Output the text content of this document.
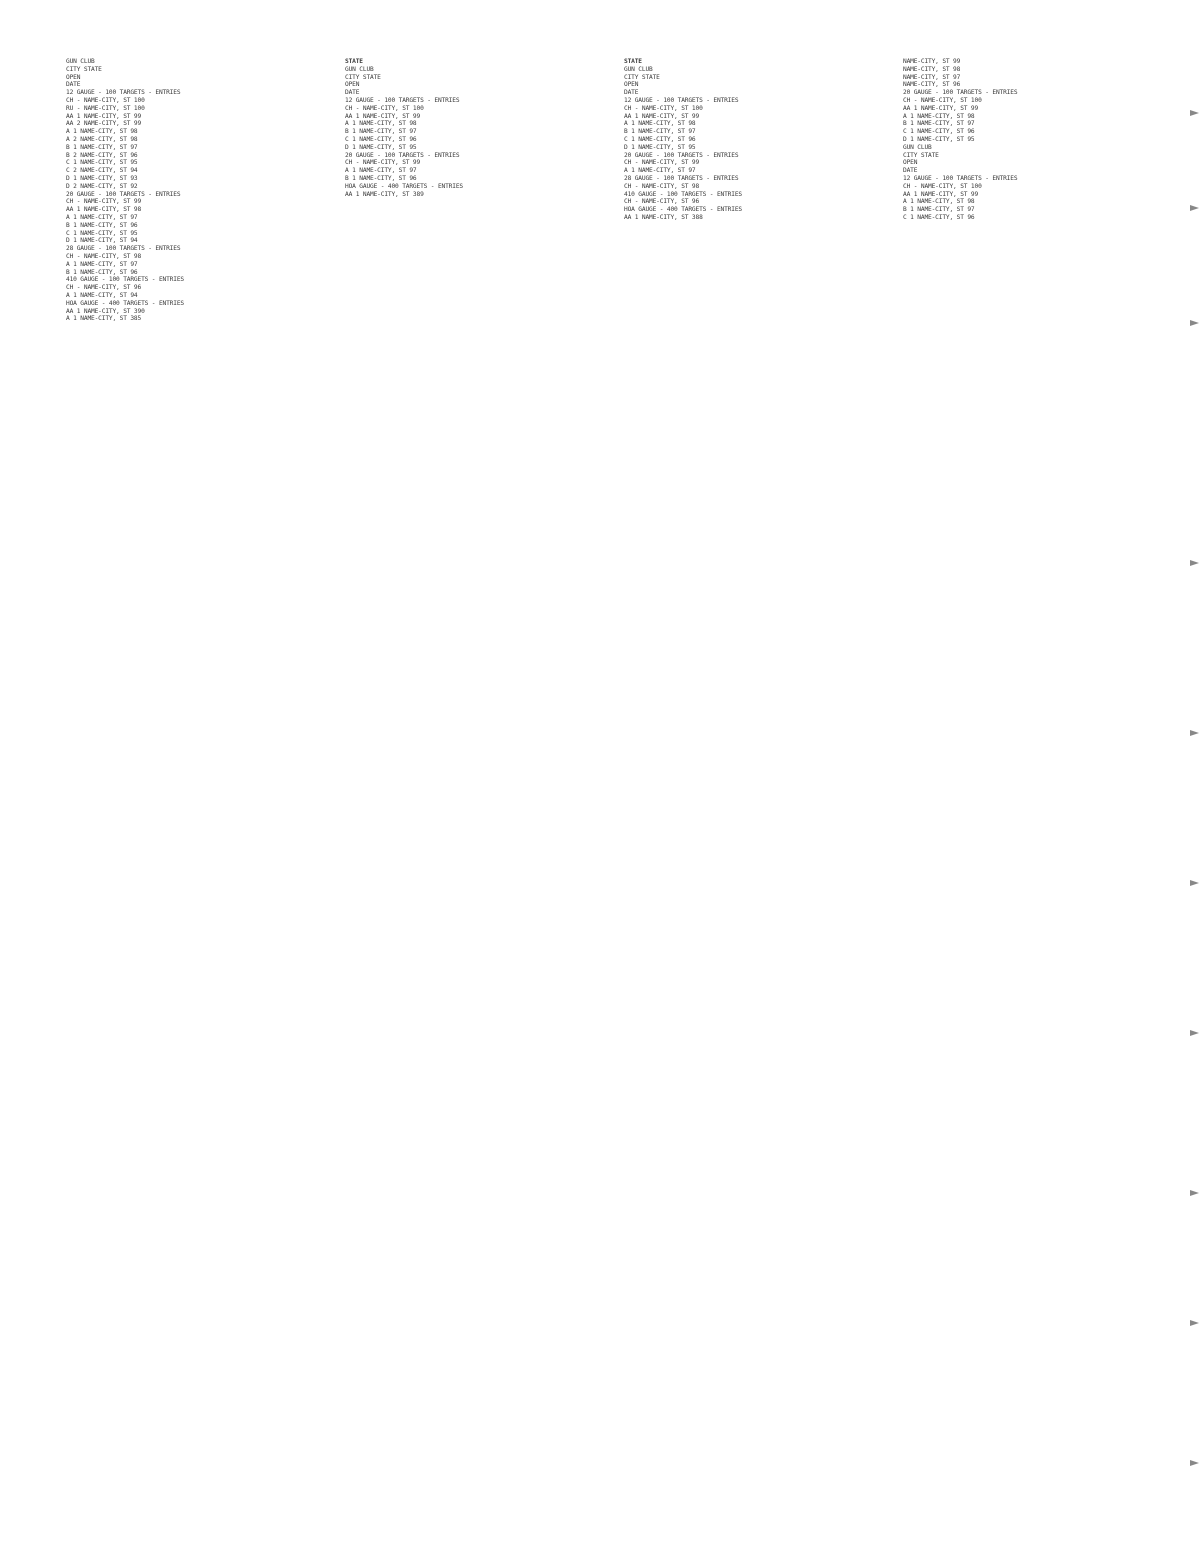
GUN CLUB
CITY STATE
OPEN
DATE
12 GAUGE - 100 TARGETS - ENTRIES
CH - NAME-CITY, ST 100
RU - NAME-CITY, ST 100
AA 1 NAME-CITY, ST 99
AA 2 NAME-CITY, ST 99
A 1 NAME-CITY, ST 98
A 2 NAME-CITY, ST 98
B 1 NAME-CITY, ST 97
B 2 NAME-CITY, ST 96
C 1 NAME-CITY, ST 95
C 2 NAME-CITY, ST 94
D 1 NAME-CITY, ST 93
D 2 NAME-CITY, ST 92
20 GAUGE - 100 TARGETS - ENTRIES
CH - NAME-CITY, ST 99
AA 1 NAME-CITY, ST 98
A 1 NAME-CITY, ST 97
B 1 NAME-CITY, ST 96
C 1 NAME-CITY, ST 95
D 1 NAME-CITY, ST 94
28 GAUGE - 100 TARGETS - ENTRIES
CH - NAME-CITY, ST 98
A 1 NAME-CITY, ST 97
B 1 NAME-CITY, ST 96
410 GAUGE - 100 TARGETS - ENTRIES
CH - NAME-CITY, ST 96
A 1 NAME-CITY, ST 94
HOA GAUGE - 400 TARGETS - ENTRIES
AA 1 NAME-CITY, ST 390
A 1 NAME-CITY, ST 385
STATE
GUN CLUB
CITY STATE
OPEN
DATE
12 GAUGE - 100 TARGETS - ENTRIES
CH - NAME-CITY, ST 100
AA 1 NAME-CITY, ST 99
A 1 NAME-CITY, ST 98
B 1 NAME-CITY, ST 97
C 1 NAME-CITY, ST 96
D 1 NAME-CITY, ST 95
20 GAUGE - 100 TARGETS - ENTRIES
CH - NAME-CITY, ST 99
A 1 NAME-CITY, ST 97
B 1 NAME-CITY, ST 96
HOA GAUGE - 400 TARGETS - ENTRIES
AA 1 NAME-CITY, ST 389
STATE
GUN CLUB
CITY STATE
OPEN
DATE
12 GAUGE - 100 TARGETS - ENTRIES
CH - NAME-CITY, ST 100
AA 1 NAME-CITY, ST 99
A 1 NAME-CITY, ST 98
B 1 NAME-CITY, ST 97
C 1 NAME-CITY, ST 96
D 1 NAME-CITY, ST 95
20 GAUGE - 100 TARGETS - ENTRIES
CH - NAME-CITY, ST 99
A 1 NAME-CITY, ST 97
28 GAUGE - 100 TARGETS - ENTRIES
CH - NAME-CITY, ST 98
410 GAUGE - 100 TARGETS - ENTRIES
CH - NAME-CITY, ST 96
HOA GAUGE - 400 TARGETS - ENTRIES
AA 1 NAME-CITY, ST 388
NAME-CITY, ST 99
NAME-CITY, ST 98
NAME-CITY, ST 97
NAME-CITY, ST 96
20 GAUGE - 100 TARGETS - ENTRIES
CH - NAME-CITY, ST 100
AA 1 NAME-CITY, ST 99
A 1 NAME-CITY, ST 98
B 1 NAME-CITY, ST 97
C 1 NAME-CITY, ST 96
D 1 NAME-CITY, ST 95
GUN CLUB
CITY STATE
OPEN
DATE
12 GAUGE - 100 TARGETS - ENTRIES
CH - NAME-CITY, ST 100
AA 1 NAME-CITY, ST 99
A 1 NAME-CITY, ST 98
B 1 NAME-CITY, ST 97
C 1 NAME-CITY, ST 96
